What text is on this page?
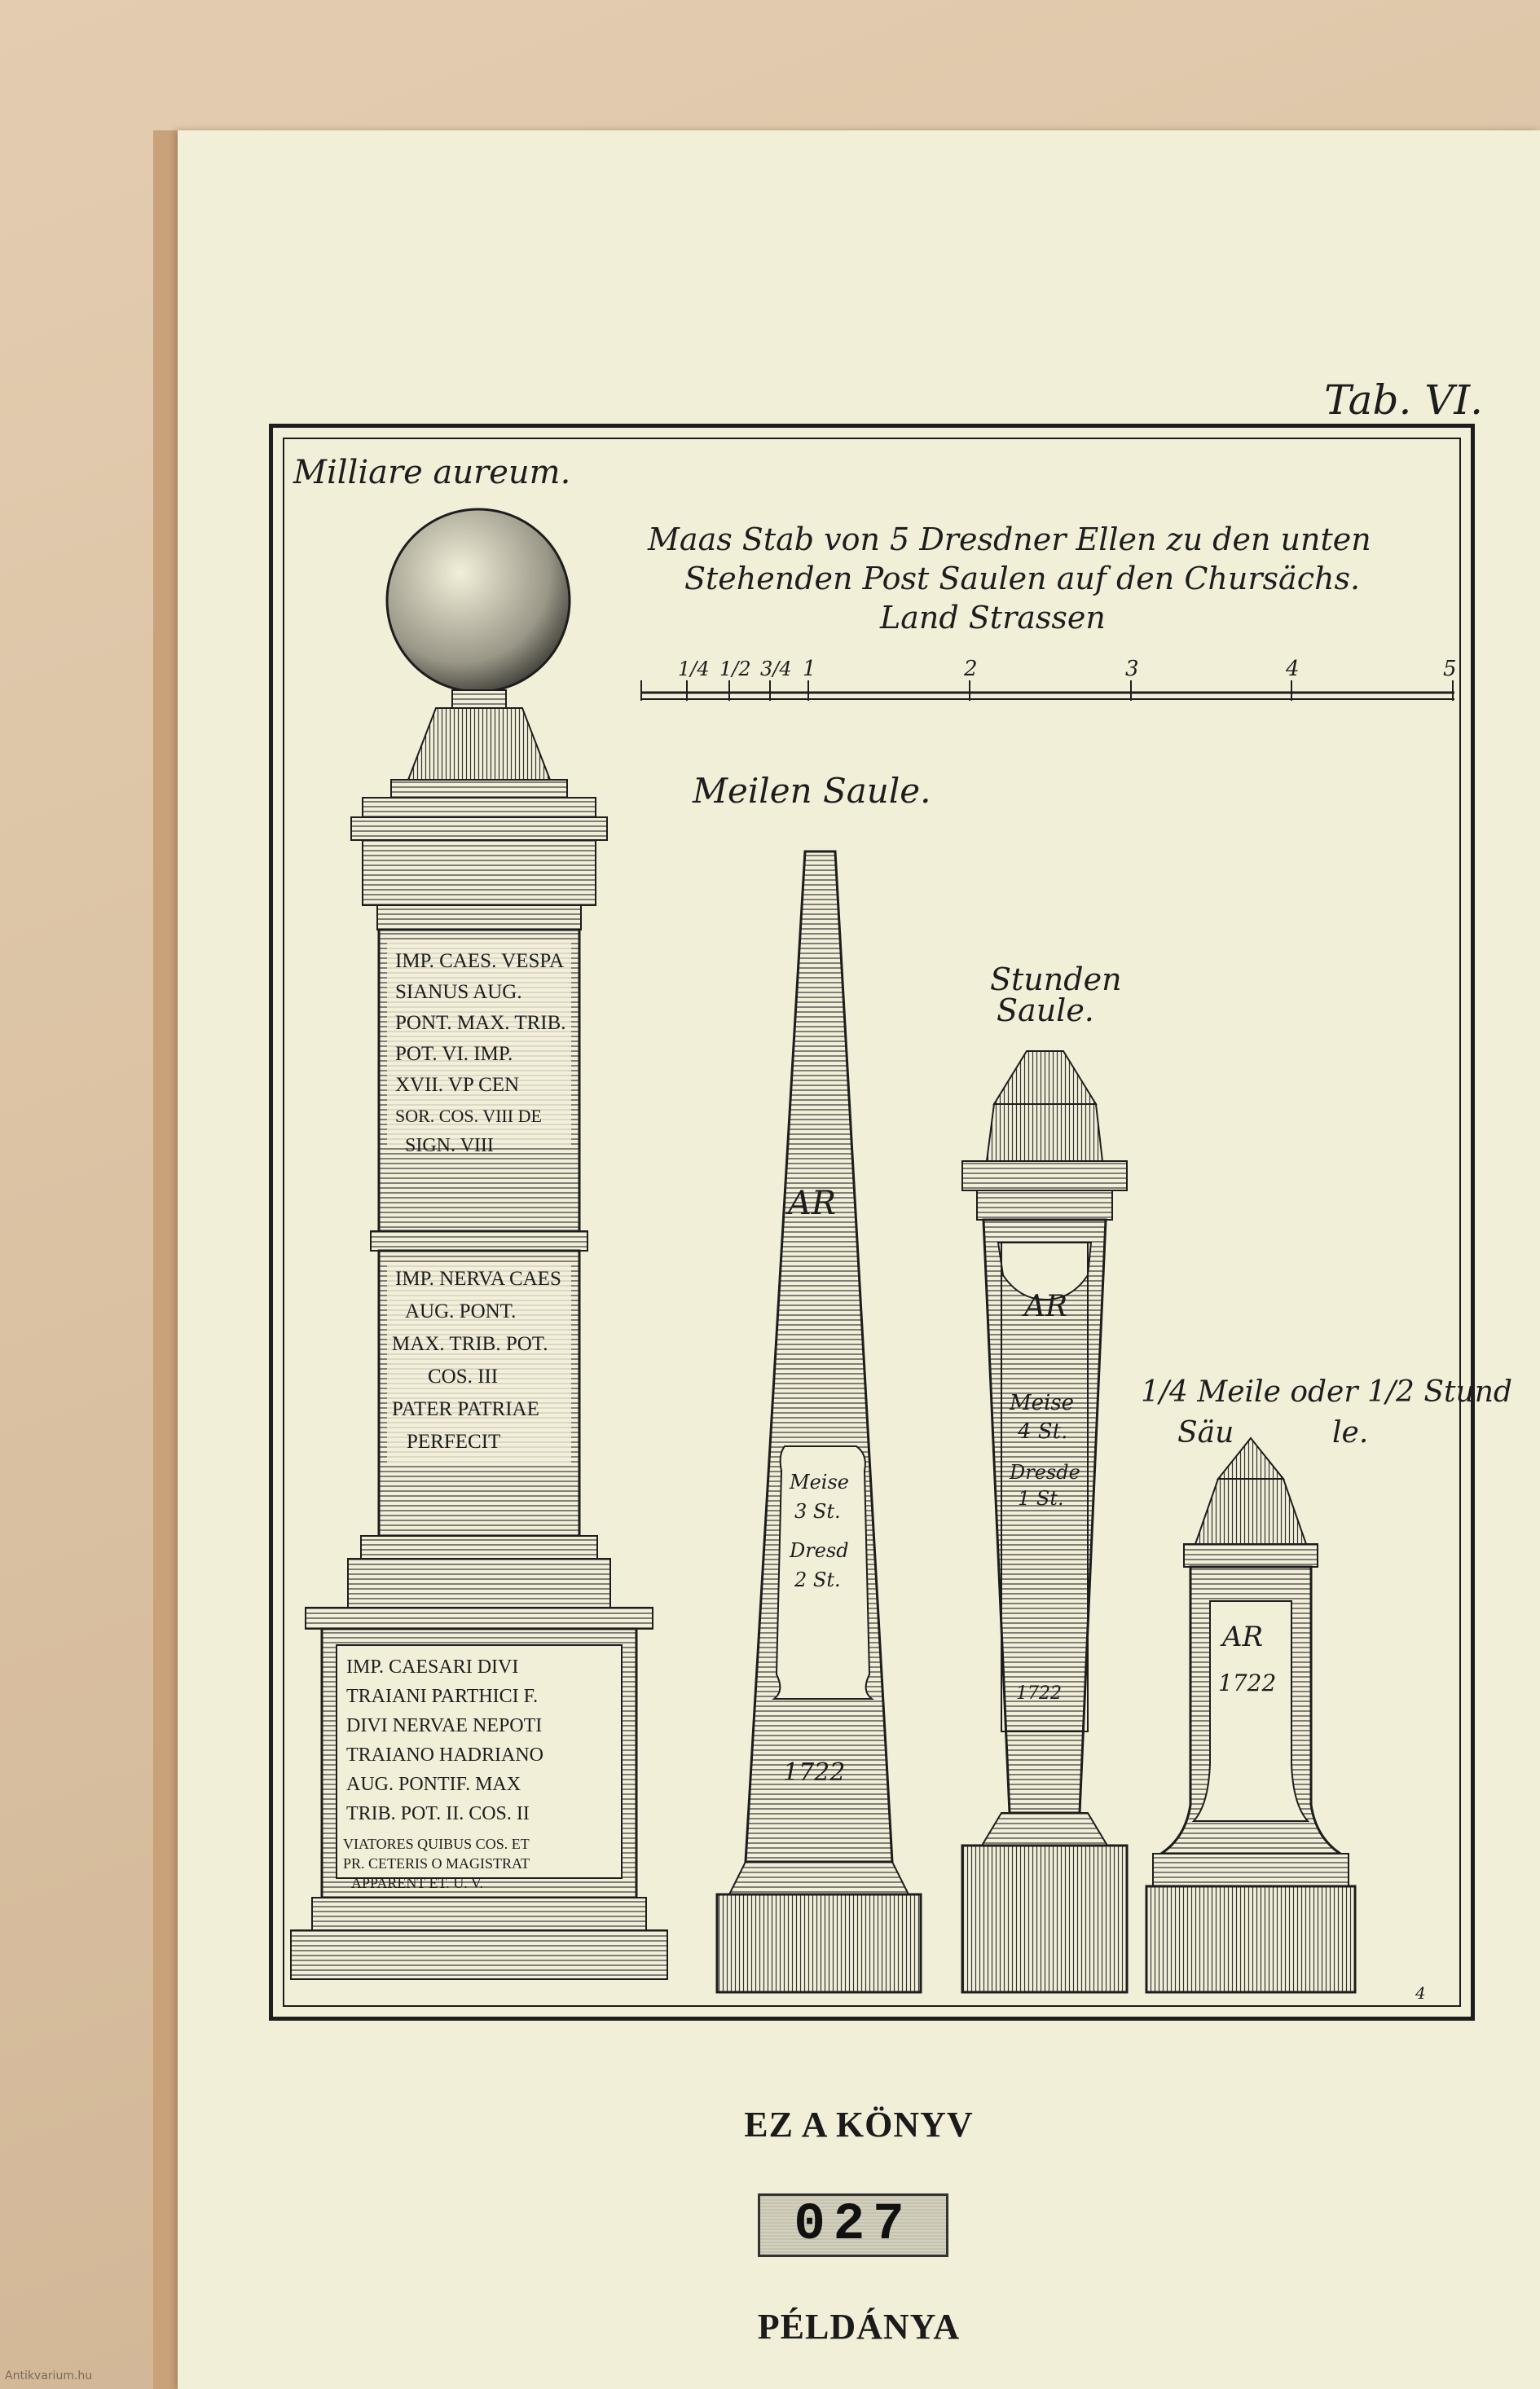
Tab. VI.
Milliare aureum.
Maas Stab von 5 Dresdner Ellen zu den unten
Stehenden Post Saulen auf den Chursächs.
Land Strassen
1/4 1/2 3/4 1	2	3	4	5
IMP. CAES. VESPA
SIANUS AUG.
PONT. MAX. TRIB.
POT. VI. IMP.
XVII. VP CEN
SOR. COS. VIII DE
SIGN. VIII
IMP. NERVA CAES
AUG. PONT.
MAX. TRIB. POT.
COS. III
PATER PATRIAE
PERFECIT
IMP. CAESARI DIVI
TRAIANI PARTHICI F.
DIVI NERVAE NEPOTI
TRAIANO HADRIANO
AUG. PONTIF. MAX
TRIB. POT. II. COS. II
VIATORES QUIBUS COS. ET
PR. CETERIS O MAGISTRAT
APPARENT ET. U. V.
Meilen Saule.
AR
Meise
3 St.
Dresd
2 St.
1722
Stunden
Saule.
AR
Meise
4 St.
Dresde
1 St.
1722
1/4 Meile oder 1/2 Stund
Säu	le.
AR
1722
4
EZ A KÖNYV
027
PÉLDÁNYA
Antikvarium.hu
